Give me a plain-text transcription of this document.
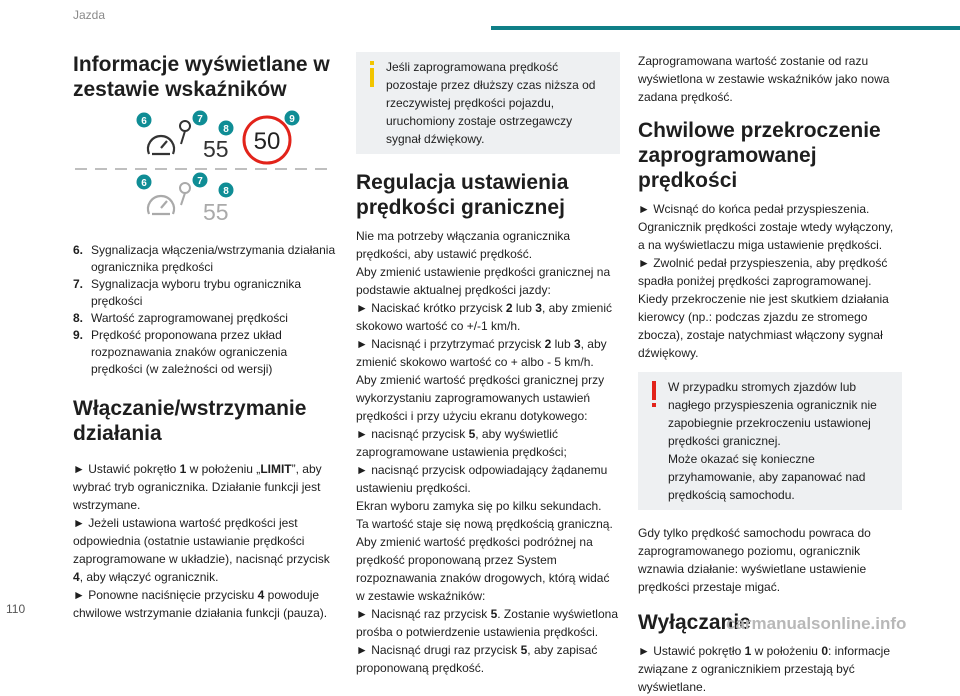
Jazda
Informacje wyświetlane w zestawie wskaźników
55 50
6	7
8
9
55
6	7
8
6. Sygnalizacja włączenia/wstrzymania działania ogranicznika prędkości
7. Sygnalizacja wyboru trybu ogranicznika prędkości
8. Wartość zaprogramowanej prędkości
9. Prędkość proponowana przez układ rozpoznawania znaków ograniczenia prędkości (w zależności od wersji)
Włączanie/wstrzymanie działania

► Ustawić pokrętło 1 w położeniu „LIMIT”, aby wybrać tryb ogranicznika. Działanie funkcji jest wstrzymane.

► Jeżeli ustawiona wartość prędkości jest odpowiednia (ostatnie ustawianie prędkości zaprogramowane w układzie), nacisnąć przycisk 4, aby włączyć ogranicznik.

► Ponowne naciśnięcie przycisku 4 powoduje chwilowe wstrzymanie działania funkcji (pauza).

Jeśli zaprogramowana prędkość pozostaje przez dłuższy czas niższa od rzeczywistej prędkości pojazdu, uruchomiony zostaje ostrzegawczy sygnał dźwiękowy.
Regulacja ustawienia prędkości granicznej

Nie ma potrzeby włączania ogranicznika prędkości, aby ustawić prędkość.

Aby zmienić ustawienie prędkości granicznej na podstawie aktualnej prędkości jazdy:

► Naciskać krótko przycisk 2 lub 3, aby zmienić skokowo wartość co +/-1 km/h.

► Nacisnąć i przytrzymać przycisk 2 lub 3, aby zmienić skokowo wartość co + albo - 5 km/h.

Aby zmienić wartość prędkości granicznej przy wykorzystaniu zaprogramowanych ustawień prędkości i przy użyciu ekranu dotykowego:

► nacisnąć przycisk 5, aby wyświetlić zaprogramowane ustawienia prędkości;

► nacisnąć przycisk odpowiadający żądanemu ustawieniu prędkości.

Ekran wyboru zamyka się po kilku sekundach.

Ta wartość staje się nową prędkością graniczną.

Aby zmienić wartość prędkości podróżnej na prędkość proponowaną przez System rozpoznawania znaków drogowych, którą widać w zestawie wskaźników:

► Nacisnąć raz przycisk 5. Zostanie wyświetlona prośba o potwierdzenie ustawienia prędkości.

► Nacisnąć drugi raz przycisk 5, aby zapisać proponowaną prędkość.

Zaprogramowana wartość zostanie od razu wyświetlona w zestawie wskaźników jako nowa zadana prędkość.

Chwilowe przekroczenie zaprogramowanej prędkości

► Wcisnąć do końca pedał przyspieszenia. Ogranicznik prędkości zostaje wtedy wyłączony, a na wyświetlaczu miga ustawienie prędkości.

► Zwolnić pedał przyspieszenia, aby prędkość spadła poniżej prędkości zaprogramowanej.

Kiedy przekroczenie nie jest skutkiem działania kierowcy (np.: podczas zjazdu ze stromego zbocza), zostaje natychmiast włączony sygnał dźwiękowy.

W przypadku stromych zjazdów lub nagłego przyspieszenia ogranicznik nie zapobiegnie przekroczeniu ustawionej prędkości granicznej.
Może okazać się konieczne przyhamowanie, aby zapanować nad prędkością samochodu.

Gdy tylko prędkość samochodu powraca do zaprogramowanego poziomu, ogranicznik wznawia działanie: wyświetlane ustawienie prędkości przestaje migać.

Wyłączanie

► Ustawić pokrętło 1 w położeniu 0: informacje związane z ogranicznikiem przestają być wyświetlane.

110
carmanualsonline.info
